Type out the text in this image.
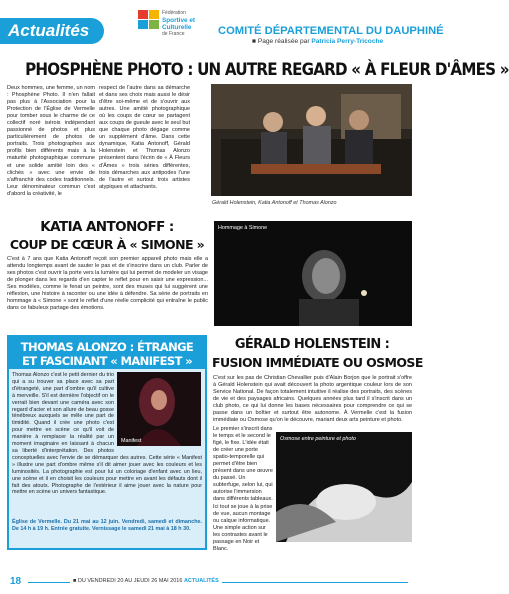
Actualités
Fédération
Sportive et
Culturelle
de France	COMITÉ DÉPARTEMENTAL DU DAUPHINÉ
■ Page réalisée par Patricia Perry-Tricoche
PHOSPHÈNE PHOTO : UN AUTRE REGARD « À FLEUR D'ÂMES »

Deux hommes, une femme, un nom : Phosphène Photo. Il n'en fallait pas plus à l'Association pour la Protection de l'Église de Vermelle pour tomber sous le charme de ce collectif noré isérois indépendant passionné de photos et plus particulièrement de photos de portraits. Trois photographes aux profils bien différents mais à la maturité photographique commune et une solide amitié loin des « clichés » avec une envie de s'affranchir des codes traditionnels. Leur dénominateur commun c'est d'abord la créativité, le

respect de l'autre dans sa démarche et dans ses choix mais aussi le désir d'être soi-même et de s'ouvrir aux autres. Une amitié photographique où les coups de cœur se partagent aux coups de gueule avec le seul but que chaque photo dégage comme un supplément d'âme. Dans cette dynamique, Katia Antonoff, Gérald Holenstein et Thomas Alonzo présentent dans l'écrin de « À Fleurs d'Âmes » trois séries différentes, trois démarches aux antipodes l'une de l'autre et surtout trois artistes atypiques et attachants.

Gérald Holenstein, Katia Antonoff et Thomas Alonzo
KATIA ANTONOFF :
COUP DE CŒUR À « SIMONE »

C'est à 7 ans que Katia Antonoff reçoit son premier appareil photo mais elle a attendu longtemps avant de sauter le pas et de s'inscrire dans un club. Parler de ses photos c'est ouvrir la porte vers la lumière qui lui permet de modeler un visage de plonger dans les regards d'en capter le reflet pour en saisir une expression... Ses modèles, comme le fenat un peintre, sont des muses qui lui suggèrent une réflexion, une histoire à raconter ou une idée à défendre. Sa série de portraits en hommage à « Simone » sont le reflet d'une réelle complicité qui entraîne le public dans ce fabuleux partage des émotions.

Hommage à Simone
THOMAS ALONZO : ÉTRANGE
ET FASCINANT « MANIFEST »

Thomas Alonzo c'est le petit dernier du trio qui a su trouver sa place avec sa part d'étrangeté, une part d'ombre qu'il cultive à merveille. S'il est dernière l'objectif on le verrait bien devant une caméra avec son regard d'acier et son allure de beau gosse ténébreux auxquels se mêle une part de timidité. Quand il crée une photo c'est pour mettre en scène ce qu'il voit de manière à remplacer la réalité par un moment imaginaire en laissant à chacun sa liberté d'interprétation. Des photos conceptuelles avec l'envie de se démarquer des autres. Cette série « Manifest » illustre une part d'ombre même s'il dit aimer jouer avec les couleurs et les luminosités. La photographie est pour lui un coloriage d'enfant avec un lieu, une scène et il en choisit les couleurs pour mettre en avant les défauts dont il fait des atouts. Photographe de l'extérieur il aime jouer avec la nature pour mettre en scène un univers fantastique.

Manifest
Église de Vermelle. Du 21 mai au 12 juin. Vendredi, samedi et dimanche. De 14 h à 19 h. Entrée gratuite. Vernissage le samedi 21 mai à 18 h 30.
GÉRALD HOLENSTEIN :
FUSION IMMÉDIATE OU OSMOSE

C'est sur les pas de Christian Chevallier puis d'Alain Borjon que le portrait s'offre à Gérald Holenstein qui avait découvert la photo argentique couleur lors de son Service National. De façon totalement intuitive il réalise des portraits, des scènes de vie et des paysages africains. Quelques années plus tard il s'inscrit dans un club photo, ce qui lui donne les bases nécessaires pour comprendre ce qui se passe dans un boîtier et surtout être autonome. À Vermelle c'est la fusion immédiate ou Osmose qu'on le découvre, mariant deux arts peinture et photo.

Le premier s'inscrit dans le temps et le second le figé, le fixe. L'idée était de créer une porte spatio-temporelle qui permet d'être bien présent dans une œuvre du passé. Un subterfuge, selon lui, qui autorise l'immersion dans différents tableaux. Ici tout se joue à la prise de vue, aucun montage ou calque informatique. Une simple action sur les contrastes avant le passage en Noir et Blanc.

Osmose entre peinture et photo
18	■ DU VENDREDI 20 AU JEUDI 26 MAI 2016 ACTUALITÉS
